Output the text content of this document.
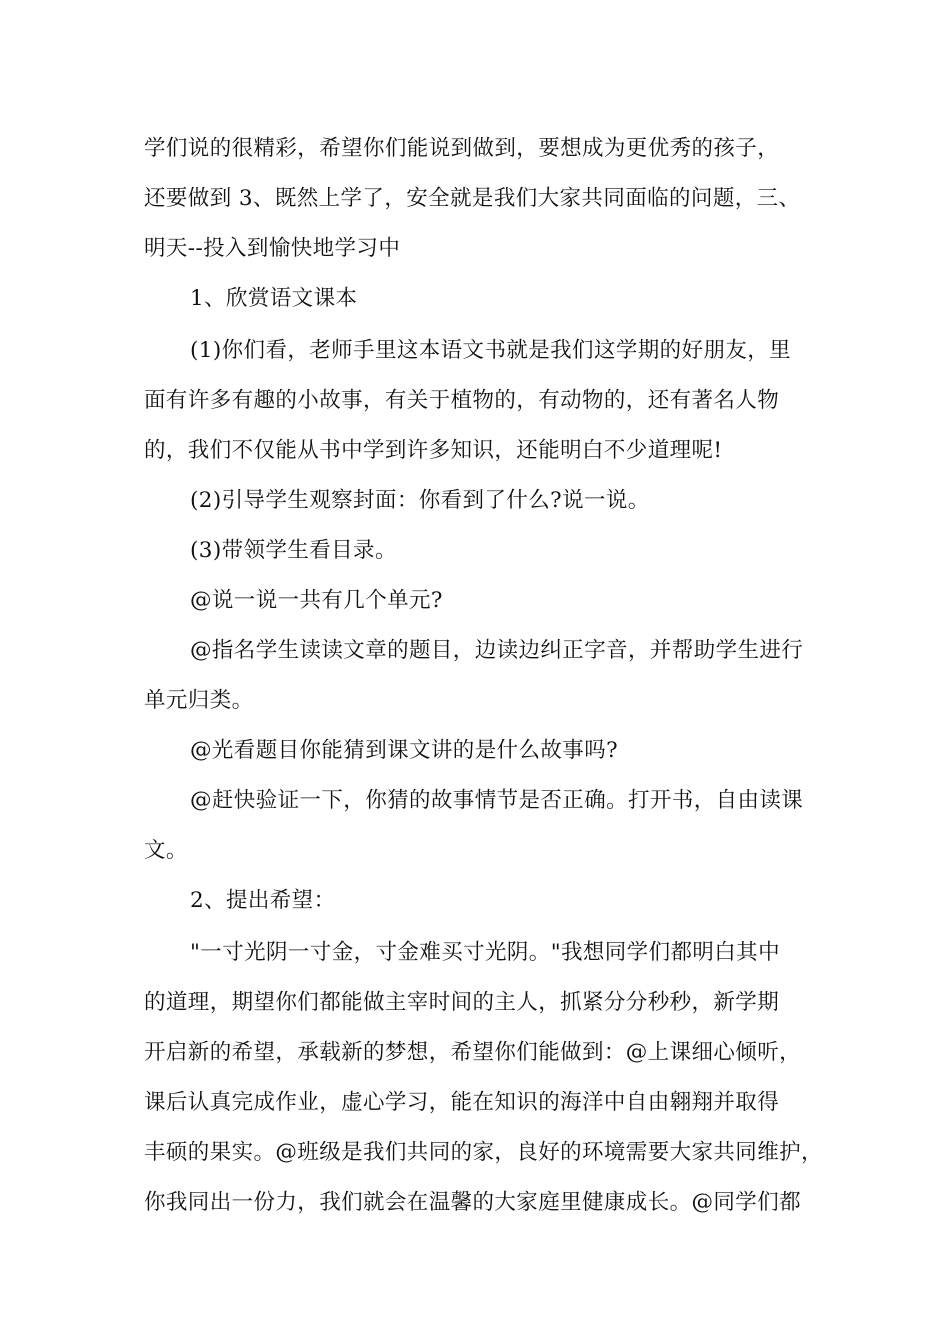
学们说的很精彩，希望你们能说到做到，要想成为更优秀的孩子，

还要做到 3、既然上学了，安全就是我们大家共同面临的问题，三、

明天--投入到愉快地学习中

1、欣赏语文课本

(1)你们看，老师手里这本语文书就是我们这学期的好朋友，里

面有许多有趣的小故事，有关于植物的，有动物的，还有著名人物

的，我们不仅能从书中学到许多知识，还能明白不少道理呢!

(2)引导学生观察封面：你看到了什么?说一说。

(3)带领学生看目录。

@说一说一共有几个单元?

@指名学生读读文章的题目，边读边纠正字音，并帮助学生进行

单元归类。

@光看题目你能猜到课文讲的是什么故事吗?

@赶快验证一下，你猜的故事情节是否正确。打开书，自由读课

文。

2、提出希望：

"一寸光阴一寸金，寸金难买寸光阴。"我想同学们都明白其中

的道理，期望你们都能做主宰时间的主人，抓紧分分秒秒，新学期

开启新的希望，承载新的梦想，希望你们能做到：@上课细心倾听，

课后认真完成作业，虚心学习，能在知识的海洋中自由翱翔并取得

丰硕的果实。@班级是我们共同的家，良好的环境需要大家共同维护，

你我同出一份力，我们就会在温馨的大家庭里健康成长。@同学们都
